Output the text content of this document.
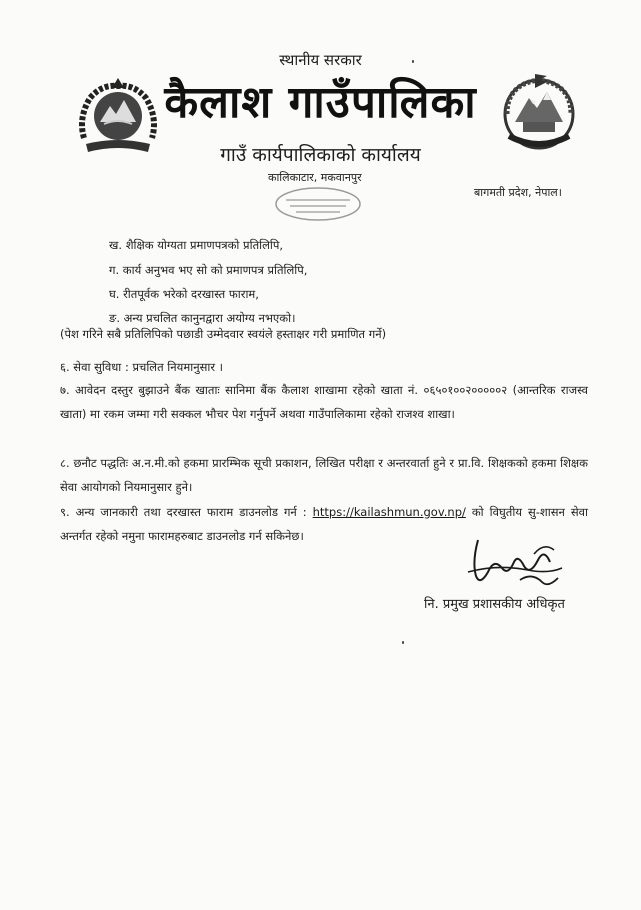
स्थानीय सरकार
कैलाश गाउँपालिका
गाउँ कार्यपालिकाको कार्यालय
कालिकाटार, मकवानपुर
बागमती प्रदेश, नेपाल।
ख. शैक्षिक योग्यता प्रमाणपत्रको प्रतिलिपि,
ग. कार्य अनुभव भए सो को प्रमाणपत्र प्रतिलिपि,
घ. रीतपूर्वक भरेको दरखास्त फाराम,
ङ. अन्य प्रचलित कानुनद्वारा अयोग्य नभएको।
(पेश गरिने सबै प्रतिलिपिको पछाडी उम्मेदवार स्वयंले हस्ताक्षर गरी प्रमाणित गर्ने)
६. सेवा सुविधा : प्रचलित नियमानुसार ।
७. आवेदन दस्तुर बुझाउने बैंक खाताः सानिमा बैंक कैलाश शाखामा रहेको खाता नं. ०६५०१००२०००००२ (आन्तरिक राजस्व खाता) मा रकम जम्मा गरी सक्कल भौचर पेश गर्नुपर्ने अथवा गाउँपालिकामा रहेको राजश्व शाखा।
८. छनौट पद्धतिः अ.न.मी.को हकमा प्रारम्भिक सूची प्रकाशन, लिखित परीक्षा र अन्तरवार्ता हुने र प्रा.वि. शिक्षकको हकमा शिक्षक सेवा आयोगको नियमानुसार हुने।
९. अन्य जानकारी तथा दरखास्त फाराम डाउनलोड गर्न : https://kailashmun.gov.np/ को विघुतीय सु-शासन सेवा अन्तर्गत रहेको नमुना फारामहरुबाट डाउनलोड गर्न सकिनेछ।
नि. प्रमुख प्रशासकीय अधिकृत
